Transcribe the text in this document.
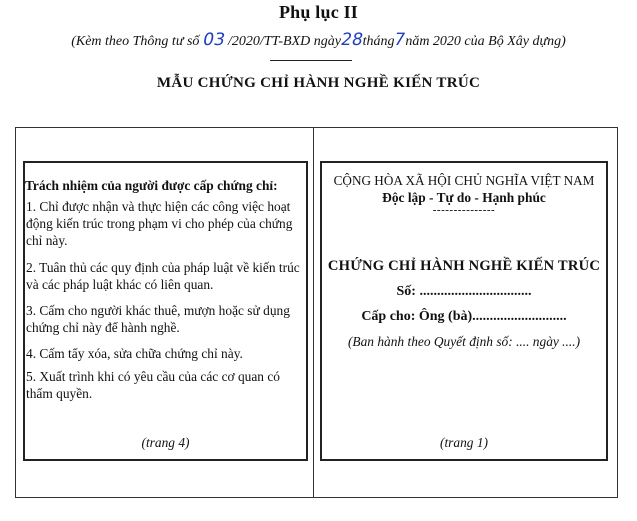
Phụ lục II
(Kèm theo Thông tư số 03 /2020/TT-BXD ngày28tháng7năm 2020 của Bộ Xây dựng)
MẪU CHỨNG CHỈ HÀNH NGHỀ KIẾN TRÚC
Trách nhiệm của người được cấp chứng chỉ:
1. Chỉ được nhận và thực hiện các công việc hoạt động kiến trúc trong phạm vi cho phép của chứng chỉ này.
2. Tuân thủ các quy định của pháp luật về kiến trúc và các pháp luật khác có liên quan.
3. Cấm cho người khác thuê, mượn hoặc sử dụng chứng chỉ này để hành nghề.
4. Cấm tẩy xóa, sửa chữa chứng chỉ này.
5. Xuất trình khi có yêu cầu của các cơ quan có thẩm quyền.
(trang 4)
CỘNG HÒA XÃ HỘI CHỦ NGHĨA VIỆT NAM
Độc lập - Tự do - Hạnh phúc
---------------
CHỨNG CHỈ HÀNH NGHỀ KIẾN TRÚC
Số: ................................
Cấp cho: Ông (bà)...........................
(Ban hành theo Quyết định số: .... ngày ....)
(trang 1)
